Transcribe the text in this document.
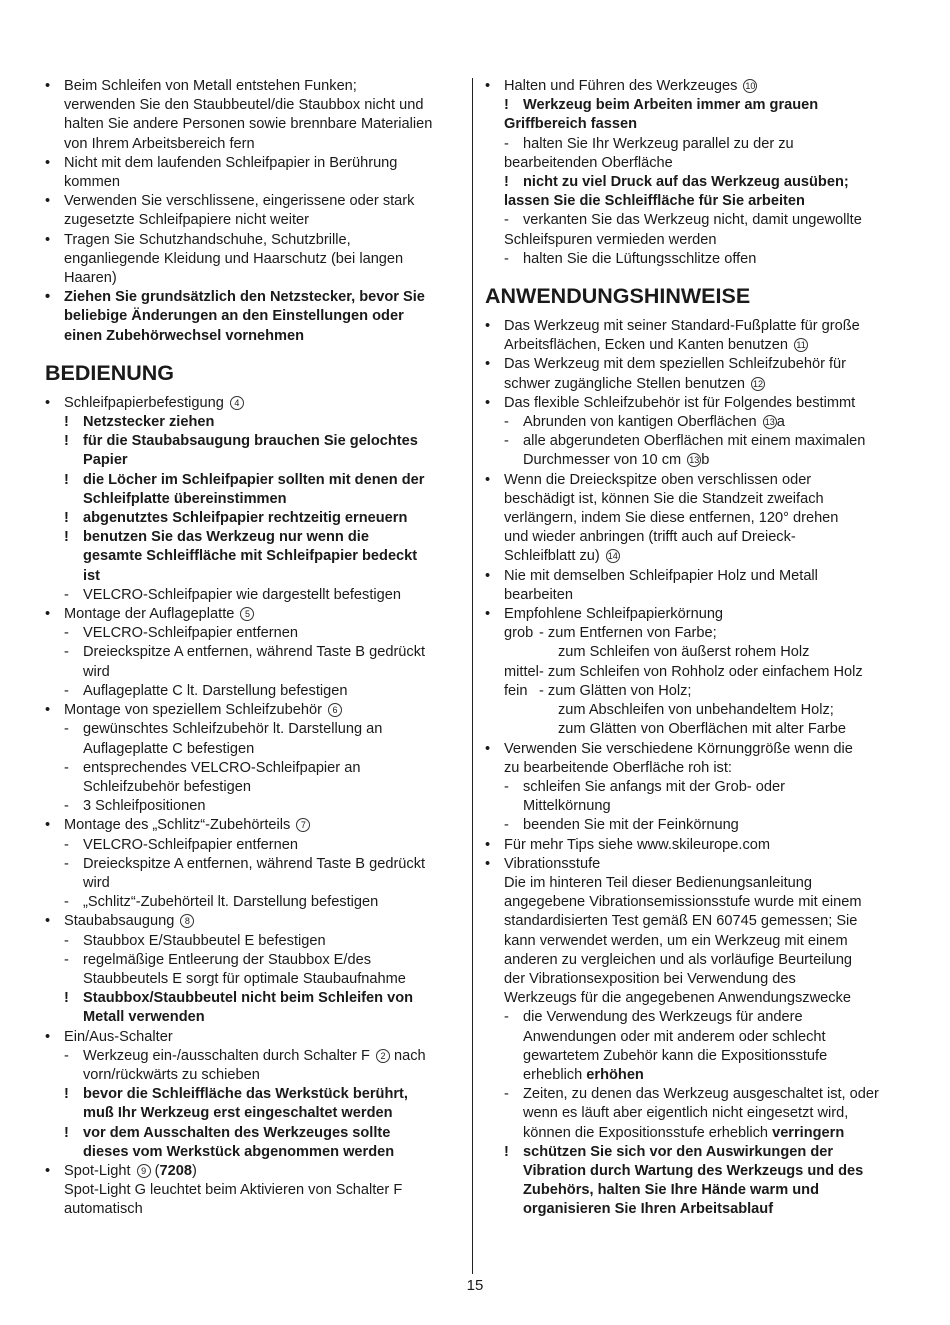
• Beim Schleifen von Metall entstehen Funken;
verwenden Sie den Staubbeutel/die Staubbox nicht und
halten Sie andere Personen sowie brennbare Materialien
von Ihrem Arbeitsbereich fern
• Nicht mit dem laufenden Schleifpapier in Berührung
kommen
• Verwenden Sie verschlissene, eingerissene oder stark
zugesetzte Schleifpapiere nicht weiter
• Tragen Sie Schutzhandschuhe, Schutzbrille,
enganliegende Kleidung und Haarschutz (bei langen
Haaren)
• Ziehen Sie grundsätzlich den Netzstecker, bevor Sie
beliebige Änderungen an den Einstellungen oder
einen Zubehörwechsel vornehmen
BEDIENUNG
• Schleifpapierbefestigung 4
! Netzstecker ziehen
! für die Staubabsaugung brauchen Sie gelochtes
Papier
! die Löcher im Schleifpapier sollten mit denen der
Schleifplatte übereinstimmen
! abgenutztes Schleifpapier rechtzeitig erneuern
! benutzen Sie das Werkzeug nur wenn die
gesamte Schleiffläche mit Schleifpapier bedeckt
ist
- VELCRO-Schleifpapier wie dargestellt befestigen
• Montage der Auflageplatte 5
- VELCRO-Schleifpapier entfernen
- Dreieckspitze A entfernen, während Taste B gedrückt
wird
- Auflageplatte C lt. Darstellung befestigen
• Montage von speziellem Schleifzubehör 6
- gewünschtes Schleifzubehör lt. Darstellung an
Auflageplatte C befestigen
- entsprechendes VELCRO-Schleifpapier an
Schleifzubehör befestigen
- 3 Schleifpositionen
• Montage des „Schlitz“-Zubehörteils 7
- VELCRO-Schleifpapier entfernen
- Dreieckspitze A entfernen, während Taste B gedrückt
wird
- „Schlitz“-Zubehörteil lt. Darstellung befestigen
• Staubabsaugung 8
- Staubbox E/Staubbeutel E befestigen
- regelmäßige Entleerung der Staubbox E/des
Staubbeutels E sorgt für optimale Staubaufnahme
! Staubbox/Staubbeutel nicht beim Schleifen von
Metall verwenden
• Ein/Aus-Schalter
- Werkzeug ein-/ausschalten durch Schalter F 2 nach
vorn/rückwärts zu schieben
! bevor die Schleiffläche das Werkstück berührt,
muß Ihr Werkzeug erst eingeschaltet werden
! vor dem Ausschalten des Werkzeuges sollte
dieses vom Werkstück abgenommen werden
• Spot-Light 9 (7208)
Spot-Light G leuchtet beim Aktivieren von Schalter F
automatisch
• Halten und Führen des Werkzeuges 10
! Werkzeug beim Arbeiten immer am grauen
Griffbereich fassen
- halten Sie Ihr Werkzeug parallel zu der zu
bearbeitenden Oberfläche
! nicht zu viel Druck auf das Werkzeug ausüben;
lassen Sie die Schleiffläche für Sie arbeiten
- verkanten Sie das Werkzeug nicht, damit ungewollte
Schleifspuren vermieden werden
- halten Sie die Lüftungsschlitze offen
ANWENDUNGSHINWEISE
• Das Werkzeug mit seiner Standard-Fußplatte für große
Arbeitsflächen, Ecken und Kanten benutzen 11
• Das Werkzeug mit dem speziellen Schleifzubehör für
schwer zugängliche Stellen benutzen 12
• Das flexible Schleifzubehör ist für Folgendes bestimmt
- Abrunden von kantigen Oberflächen 13 a
- alle abgerundeten Oberflächen mit einem maximalen
Durchmesser von 10 cm 13 b
• Wenn die Dreieckspitze oben verschlissen oder
beschädigt ist, können Sie die Standzeit zweifach
verlängern, indem Sie diese entfernen, 120° drehen
und wieder anbringen (trifft auch auf Dreieck-
Schleifblatt zu) 14
• Nie mit demselben Schleifpapier Holz und Metall
bearbeiten
• Empfohlene Schleifpapierkörnung
grob - zum Entfernen von Farbe;
zum Schleifen von äußerst rohem Holz
mittel - zum Schleifen von Rohholz oder einfachem Holz
fein - zum Glätten von Holz;
zum Abschleifen von unbehandeltem Holz;
zum Glätten von Oberflächen mit alter Farbe
• Verwenden Sie verschiedene Körnunggröße wenn die
zu bearbeitende Oberfläche roh ist:
- schleifen Sie anfangs mit der Grob- oder
Mittelkörnung
- beenden Sie mit der Feinkörnung
• Für mehr Tips siehe www.skileurope.com
• Vibrationsstufe
Die im hinteren Teil dieser Bedienungsanleitung
angegebene Vibrationsemissionsstufe wurde mit einem
standardisierten Test gemäß EN 60745 gemessen; Sie
kann verwendet werden, um ein Werkzeug mit einem
anderen zu vergleichen und als vorläufige Beurteilung
der Vibrationsexposition bei Verwendung des
Werkzeugs für die angegebenen Anwendungszwecke
- die Verwendung des Werkzeugs für andere
Anwendungen oder mit anderem oder schlecht
gewartetem Zubehör kann die Expositionsstufe
erheblich erhöhen
- Zeiten, zu denen das Werkzeug ausgeschaltet ist, oder
wenn es läuft aber eigentlich nicht eingesetzt wird,
können die Expositionsstufe erheblich verringern
! schützen Sie sich vor den Auswirkungen der
Vibration durch Wartung des Werkzeugs und des
Zubehörs, halten Sie Ihre Hände warm und
organisieren Sie Ihren Arbeitsablauf
15
